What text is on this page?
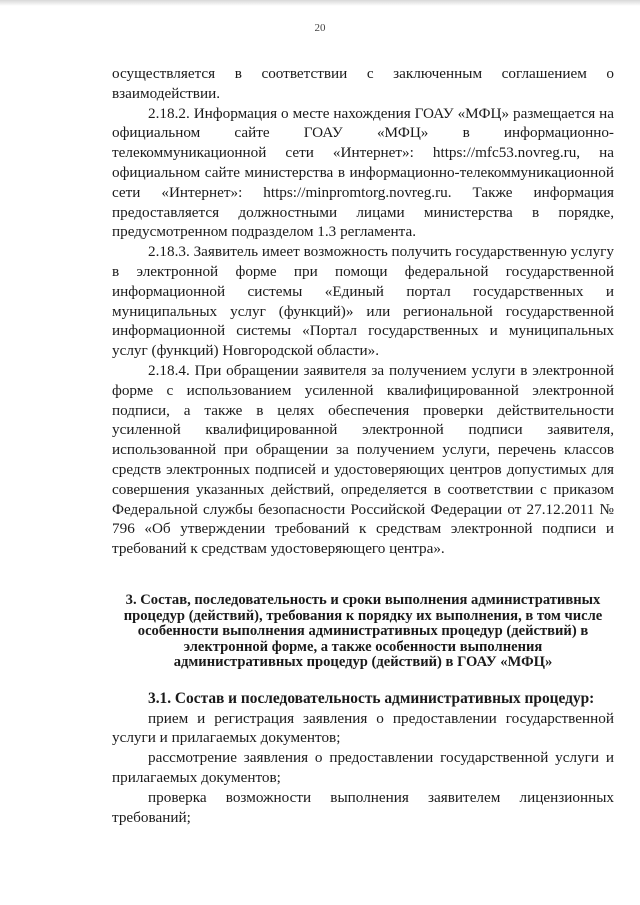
20

осуществляется в соответствии с заключенным соглашением о взаимодействии.

2.18.2. Информация о месте нахождения ГОАУ «МФЦ» размещается на официальном сайте ГОАУ «МФЦ» в информационно-телекоммуникационной сети «Интернет»: https://mfc53.novreg.ru, на официальном сайте министерства в информационно-телекоммуникационной сети «Интернет»: https://minpromtorg.novreg.ru. Также информация предоставляется должностными лицами министерства в порядке, предусмотренном подразделом 1.3 регламента.

2.18.3. Заявитель имеет возможность получить государственную услугу в электронной форме при помощи федеральной государственной информационной системы «Единый портал государственных и муниципальных услуг (функций)» или региональной государственной информационной системы «Портал государственных и муниципальных услуг (функций) Новгородской области».

2.18.4. При обращении заявителя за получением услуги в электронной форме с использованием усиленной квалифицированной электронной подписи, а также в целях обеспечения проверки действительности усиленной квалифицированной электронной подписи заявителя, использованной при обращении за получением услуги, перечень классов средств электронных подписей и удостоверяющих центров допустимых для совершения указанных действий, определяется в соответствии с приказом Федеральной службы безопасности Российской Федерации от 27.12.2011 № 796 «Об утверждении требований к средствам электронной подписи и требований к средствам удостоверяющего центра».

3. Состав, последовательность и сроки выполнения административных процедур (действий), требования к порядку их выполнения, в том числе особенности выполнения административных процедур (действий) в электронной форме, а также особенности выполнения административных процедур (действий) в ГОАУ «МФЦ»
3.1. Состав и последовательность административных процедур:

прием и регистрация заявления о предоставлении государственной услуги и прилагаемых документов;

рассмотрение заявления о предоставлении государственной услуги и прилагаемых документов;

проверка возможности выполнения заявителем лицензионных требований;
